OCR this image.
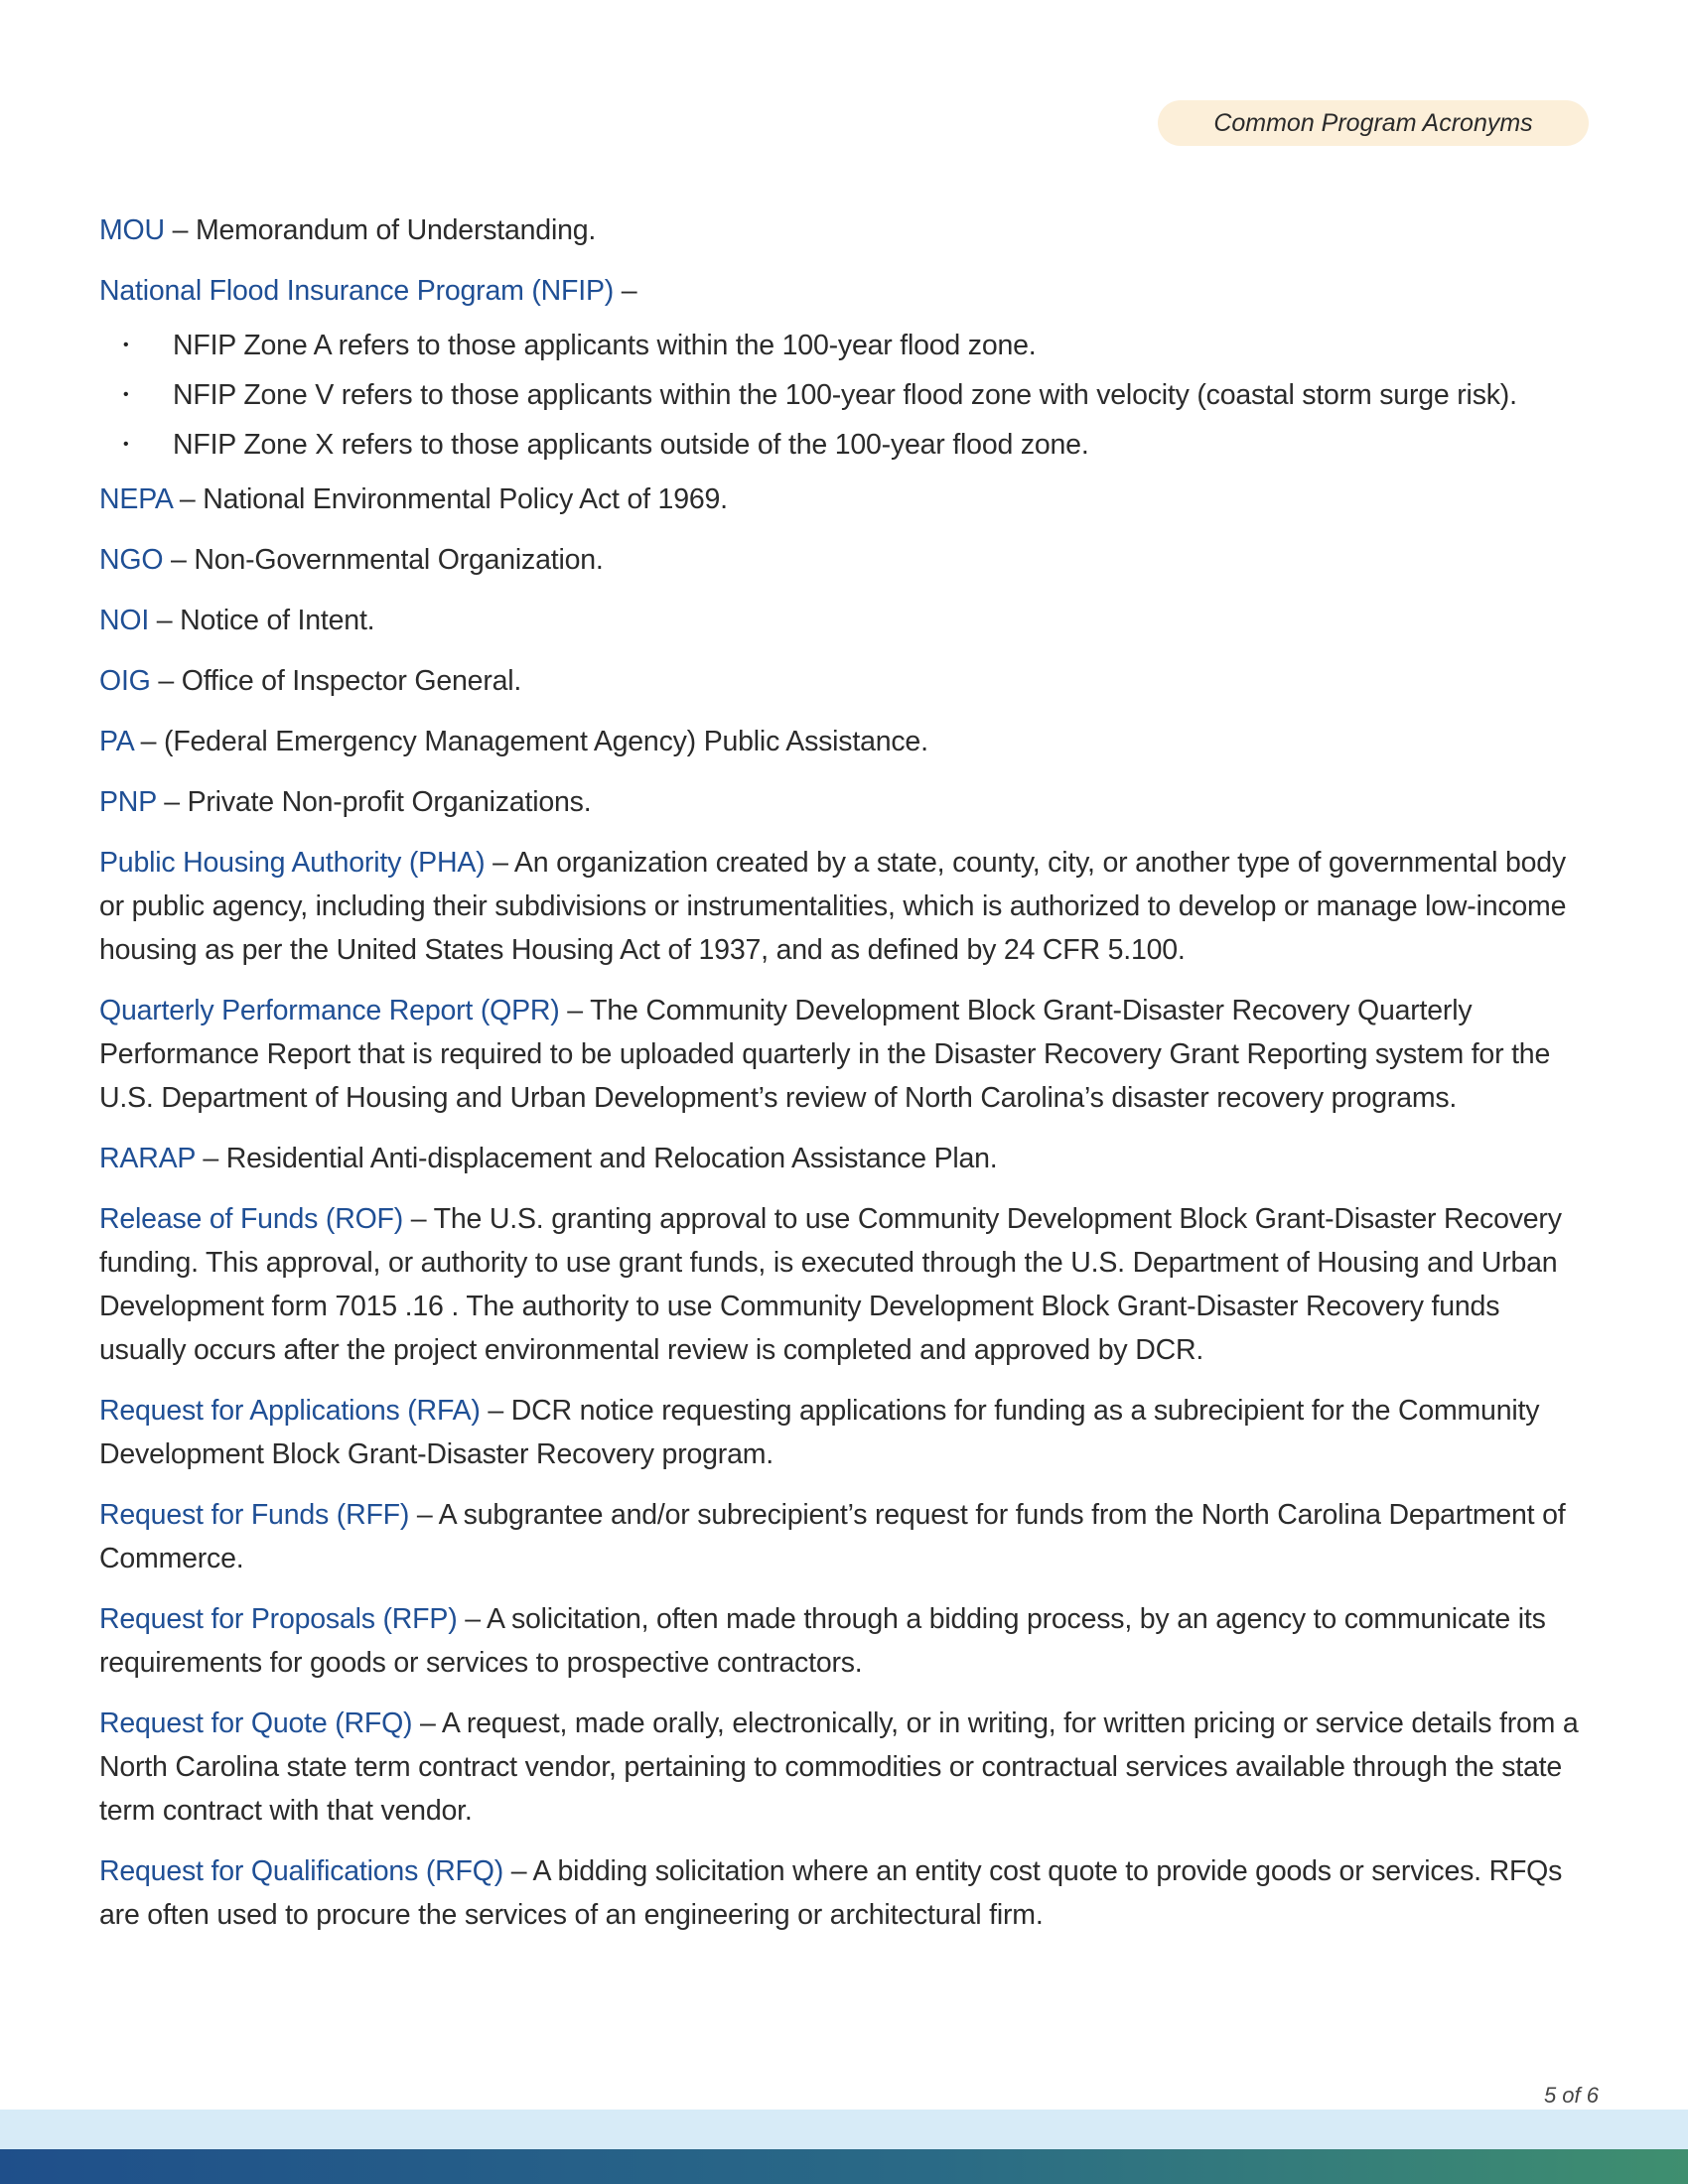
Common Program Acronyms

MOU – Memorandum of Understanding.

National Flood Insurance Program (NFIP) –

• NFIP Zone A refers to those applicants within the 100-year flood zone.
• NFIP Zone V refers to those applicants within the 100-year flood zone with velocity (coastal storm surge risk).
• NFIP Zone X refers to those applicants outside of the 100-year flood zone.

NEPA – National Environmental Policy Act of 1969.

NGO – Non-Governmental Organization.

NOI – Notice of Intent.

OIG – Office of Inspector General.

PA – (Federal Emergency Management Agency) Public Assistance.

PNP – Private Non-profit Organizations.

Public Housing Authority (PHA) – An organization created by a state, county, city, or another type of governmental body or public agency, including their subdivisions or instrumentalities, which is authorized to develop or manage low-income housing as per the United States Housing Act of 1937, and as defined by 24 CFR 5.100.

Quarterly Performance Report (QPR) – The Community Development Block Grant-Disaster Recovery Quarterly Performance Report that is required to be uploaded quarterly in the Disaster Recovery Grant Reporting system for the U.S. Department of Housing and Urban Development’s review of North Carolina’s disaster recovery programs.

RARAP – Residential Anti-displacement and Relocation Assistance Plan.

Release of Funds (ROF) – The U.S. granting approval to use Community Development Block Grant-Disaster Recovery funding. This approval, or authority to use grant funds, is executed through the U.S. Department of Housing and Urban Development form 7015 .16 . The authority to use Community Development Block Grant-Disaster Recovery funds usually occurs after the project environmental review is completed and approved by DCR.

Request for Applications (RFA) – DCR notice requesting applications for funding as a subrecipient for the Community Development Block Grant-Disaster Recovery program.

Request for Funds (RFF) – A subgrantee and/or subrecipient’s request for funds from the North Carolina Department of Commerce.

Request for Proposals (RFP) – A solicitation, often made through a bidding process, by an agency to communicate its requirements for goods or services to prospective contractors.

Request for Quote (RFQ) – A request, made orally, electronically, or in writing, for written pricing or service details from a North Carolina state term contract vendor, pertaining to commodities or contractual services available through the state term contract with that vendor.

Request for Qualifications (RFQ) – A bidding solicitation where an entity cost quote to provide goods or services. RFQs are often used to procure the services of an engineering or architectural firm.

5 of 6
